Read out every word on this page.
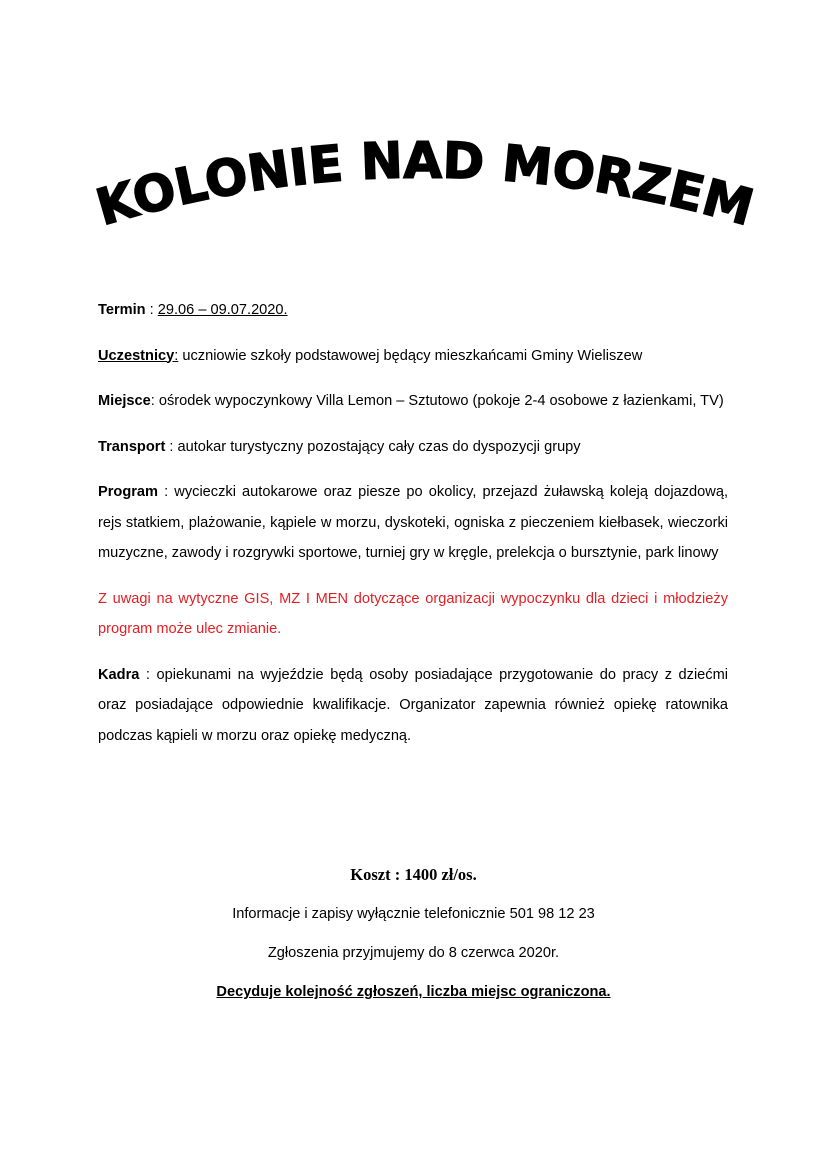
KOLONIE NAD MORZEM

Termin : 29.06 – 09.07.2020.

Uczestnicy: uczniowie szkoły podstawowej będący mieszkańcami Gminy Wieliszew

Miejsce: ośrodek wypoczynkowy Villa Lemon – Sztutowo (pokoje 2-4 osobowe z łazienkami, TV)

Transport : autokar turystyczny pozostający cały czas do dyspozycji grupy

Program : wycieczki autokarowe oraz piesze po okolicy, przejazd żuławską koleją dojazdową, rejs statkiem, plażowanie, kąpiele w morzu, dyskoteki, ogniska z pieczeniem kiełbasek, wieczorki muzyczne, zawody i rozgrywki sportowe, turniej gry w kręgle, prelekcja o bursztynie, park linowy

Z uwagi na wytyczne GIS, MZ I MEN dotyczące organizacji wypoczynku dla dzieci i młodzieży program może ulec zmianie.

Kadra : opiekunami na wyjeździe będą osoby posiadające przygotowanie do pracy z dziećmi oraz posiadające odpowiednie kwalifikacje. Organizator zapewnia również opiekę ratownika podczas kąpieli w morzu oraz opiekę medyczną.

Koszt : 1400 zł/os.

Informacje i zapisy wyłącznie telefonicznie 501 98 12 23

Zgłoszenia przyjmujemy do 8 czerwca 2020r.

Decyduje kolejność zgłoszeń, liczba miejsc ograniczona.
